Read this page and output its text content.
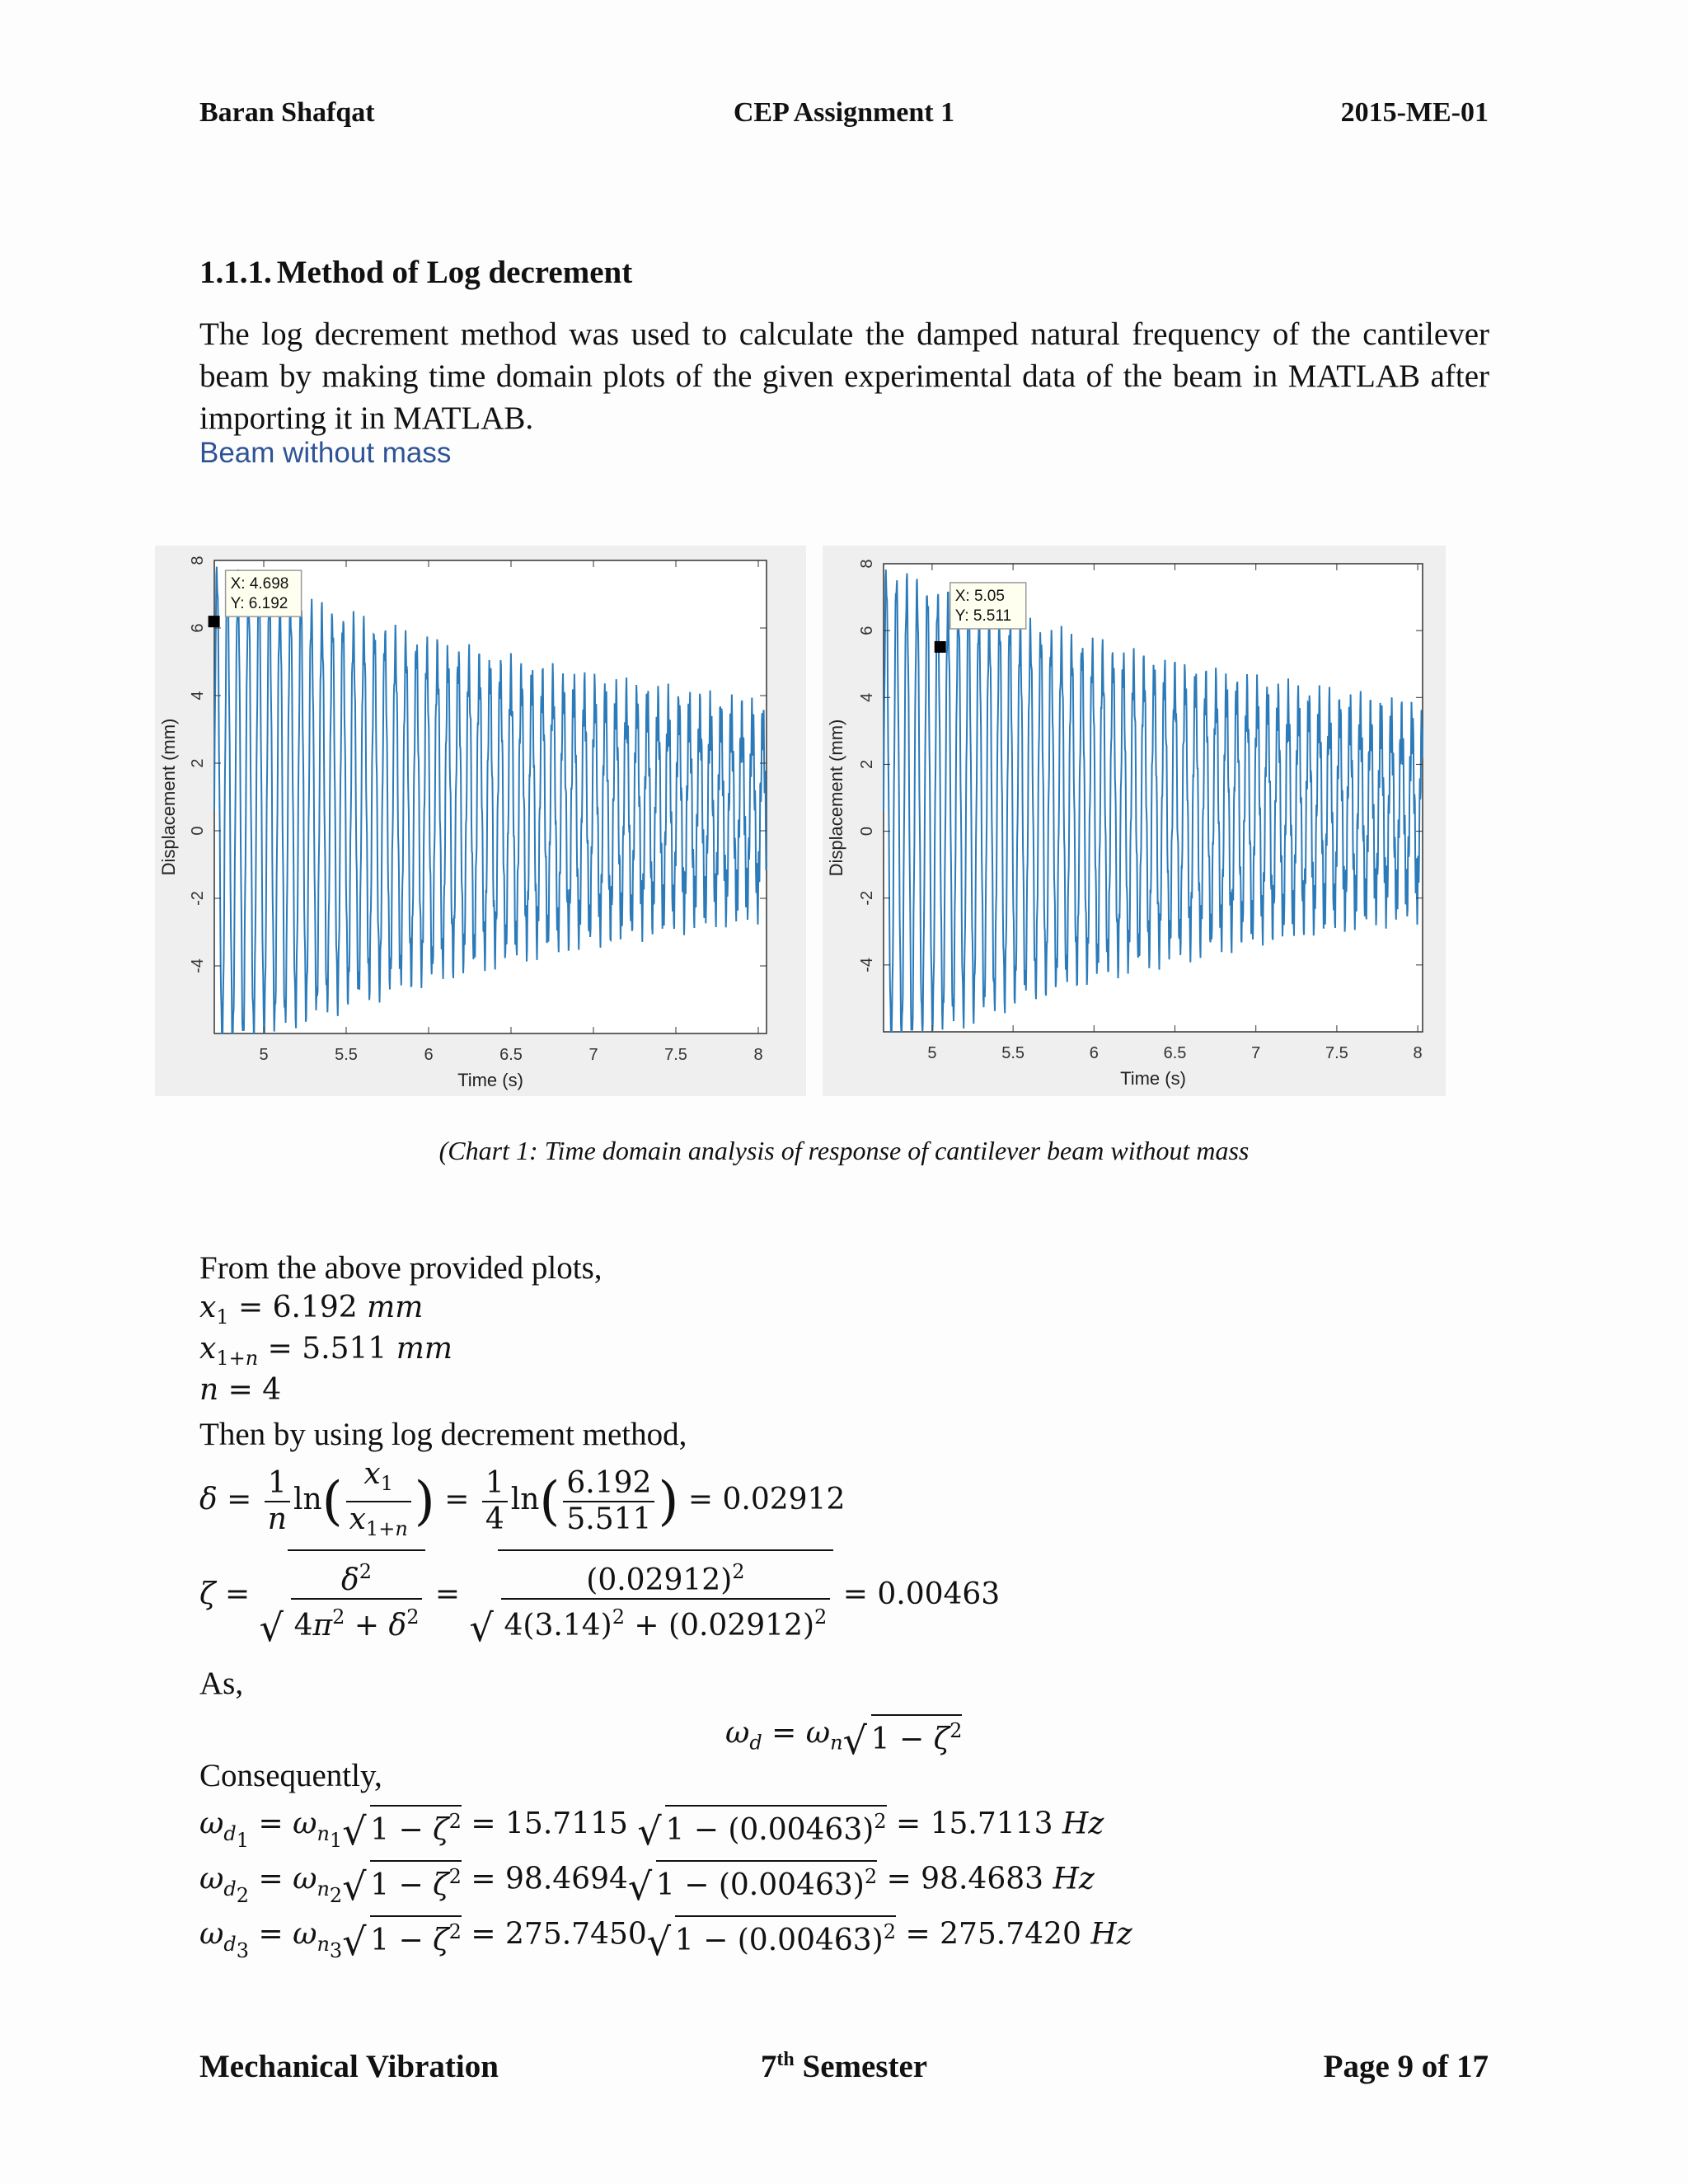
Baran Shafqat	CEP Assignment 1	2015-ME-01
1.1.1. Method of Log decrement
The log decrement method was used to calculate the damped natural frequency of the cantilever beam by making time domain plots of the given experimental data of the beam in MATLAB after importing it in MATLAB.
Beam without mass
5	5.5	6	6.5	7	7.5	8
8
6
4
2
0
-2
-4
Time (s)
Displacement (mm)
X: 4.698
Y: 6.192
5	5.5	6	6.5	7	7.5	8
8
6
4
2
0
-2
-4
Time (s)
Displacement (mm)
X: 5.05
Y: 5.511
(Chart 1: Time domain analysis of response of cantilever beam without mass
From the above provided plots,
$x_1 = 6.192$ mm
$x_{1+n} = 5.511$ mm
n = 4
Then by using log decrement method,
$\delta = \frac{1}{n} \ln( \frac{x_1}{x_{1+n}}$ ) = $\frac{1}{4} \ln( \frac{6.192}{5.511}$ ) = 0.02912
ζ =
√ $\frac{\delta^2}{4\pi^2 + \delta^2}$ =
√ $\frac{(0.02912)^2}{4(3.14)^2 + (0.02912)^2} = 0.00463$
As,
$\omega_d = \omega_n$ √ $1 - \zeta^2$
Consequently,
$\omega_{d_1} = \omega_{n_1}$ √ $1 - \zeta^2 = 15.7115$ √ $1 - (0.00463)^2 = 15.7113$ Hz
$\omega_{d_2} = \omega_{n_2}$ √ $1 - \zeta^2 = 98.4694$ √ $1 - (0.00463)^2 = 98.4683$ Hz
$\omega_{d_3} = \omega_{n_3}$ √ $1 - \zeta^2 = 275.7450$ √ $1 - (0.00463)^2 = 275.7420$ Hz
Mechanical Vibration	7th Semester	Page 9 of 17
